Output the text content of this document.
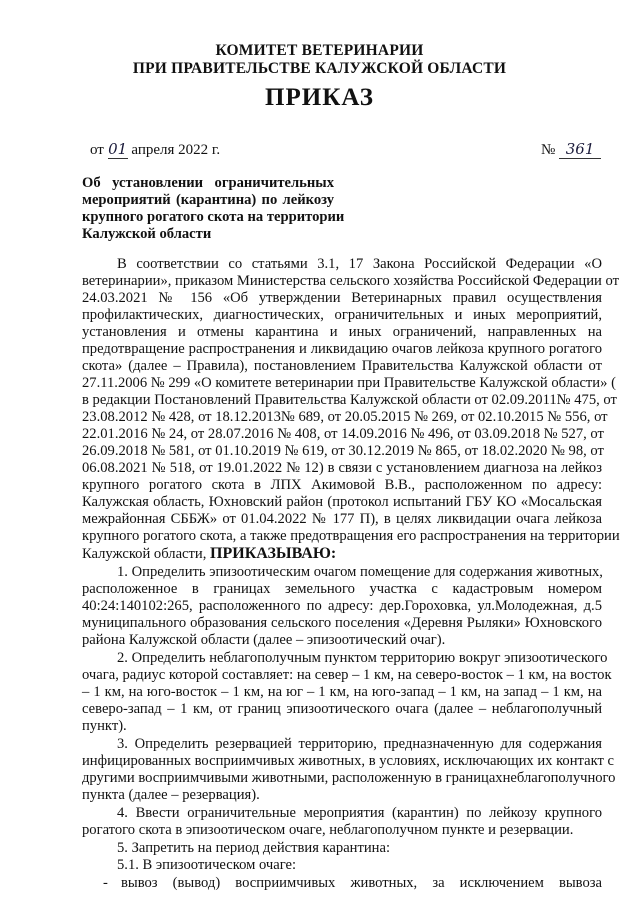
КОМИТЕТ ВЕТЕРИНАРИИ
ПРИ ПРАВИТЕЛЬСТВЕ КАЛУЖСКОЙ ОБЛАСТИ
ПРИКАЗ
от 01 апреля 2022 г.	№ 361
Об установлении ограничительных
мероприятий (карантина) по лейкозу
крупного рогатого скота на территории
Калужской области
В соответствии со статьями 3.1, 17 Закона Российской Федерации «О
ветеринарии», приказом Министерства сельского хозяйства Российской Федерации от
24.03.2021 № 156 «Об утверждении Ветеринарных правил осуществления
профилактических, диагностических, ограничительных и иных мероприятий,
установления и отмены карантина и иных ограничений, направленных на
предотвращение распространения и ликвидацию очагов лейкоза крупного рогатого
скота» (далее – Правила), постановлением Правительства Калужской области от
27.11.2006 № 299 «О комитете ветеринарии при Правительстве Калужской области» (
в редакции Постановлений Правительства Калужской области от 02.09.2011№ 475, от
23.08.2012 № 428, от 18.12.2013№ 689, от 20.05.2015 № 269, от 02.10.2015 № 556, от
22.01.2016 № 24, от 28.07.2016 № 408, от 14.09.2016 № 496, от 03.09.2018 № 527, от
26.09.2018 № 581, от 01.10.2019 № 619, от 30.12.2019 № 865, от 18.02.2020 № 98, от
06.08.2021 № 518, от 19.01.2022 № 12) в связи с установлением диагноза на лейкоз
крупного рогатого скота в ЛПХ Акимовой В.В., расположенном по адресу:
Калужская область, Юхновский район (протокол испытаний ГБУ КО «Мосальская
межрайонная СББЖ» от 01.04.2022 № 177 П), в целях ликвидации очага лейкоза
крупного рогатого скота, а также предотвращения его распространения на территории
Калужской области, ПРИКАЗЫВАЮ:
1. Определить эпизоотическим очагом помещение для содержания животных,
расположенное в границах земельного участка с кадастровым номером
40:24:140102:265, расположенного по адресу: дер.Гороховка, ул.Молодежная, д.5
муниципального образования сельского поселения «Деревня Рыляки» Юхновского
района Калужской области (далее – эпизоотический очаг).
2. Определить неблагополучным пунктом территорию вокруг эпизоотического
очага, радиус которой составляет: на север – 1 км, на северо-восток – 1 км, на восток
– 1 км, на юго-восток – 1 км, на юг – 1 км, на юго-запад – 1 км, на запад – 1 км, на
северо-запад – 1 км, от границ эпизоотического очага (далее – неблагополучный
пункт).
3. Определить резервацией территорию, предназначенную для содержания
инфицированных восприимчивых животных, в условиях, исключающих их контакт с
другими восприимчивыми животными, расположенную в границахнеблагополучного
пункта (далее – резервация).
4. Ввести ограничительные мероприятия (карантин) по лейкозу крупного
рогатого скота в эпизоотическом очаге, неблагополучном пункте и резервации.
5. Запретить на период действия карантина:
5.1. В эпизоотическом очаге:
- вывоз (вывод) восприимчивых животных, за исключением вывоза
